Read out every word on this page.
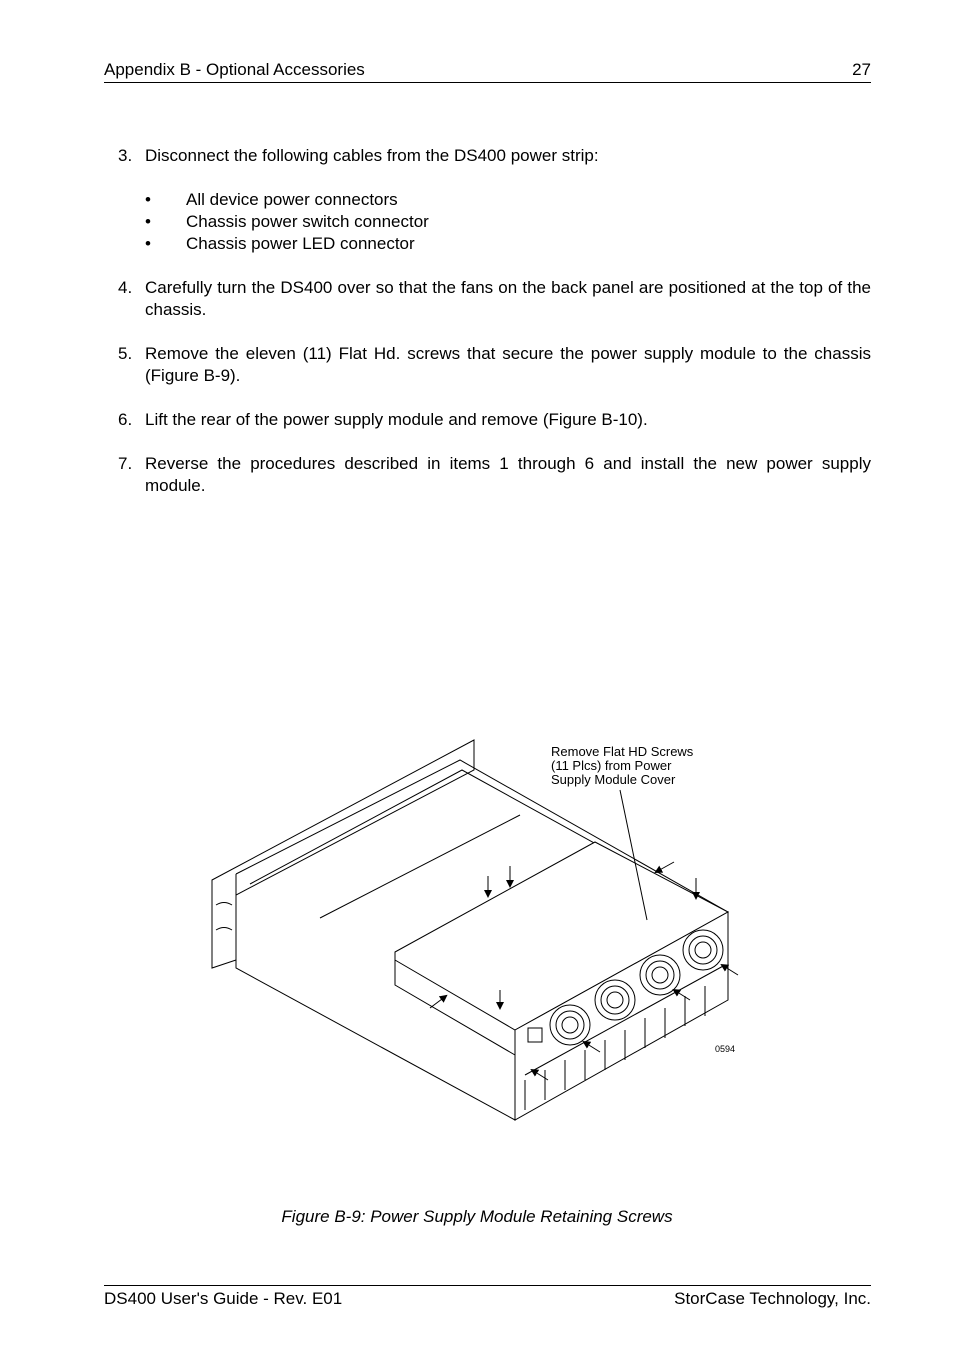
Appendix B - Optional Accessories	27
3. Disconnect the following cables from the DS400 power strip:
• All device power connectors
• Chassis power switch connector
• Chassis power LED connector
4. Carefully turn the DS400 over so that the fans on the back panel are positioned at the top of the chassis.
5. Remove the eleven (11) Flat Hd. screws that secure the power supply module to the chassis (Figure B-9).
6. Lift the rear of the power supply module and remove (Figure B-10).
7. Reverse the procedures described in items 1 through 6 and install the new power supply module.
Remove Flat HD Screws
(11 Plcs) from Power
Supply Module Cover
0594
Figure B-9: Power Supply Module Retaining Screws
DS400 User's Guide - Rev. E01	StorCase Technology, Inc.
